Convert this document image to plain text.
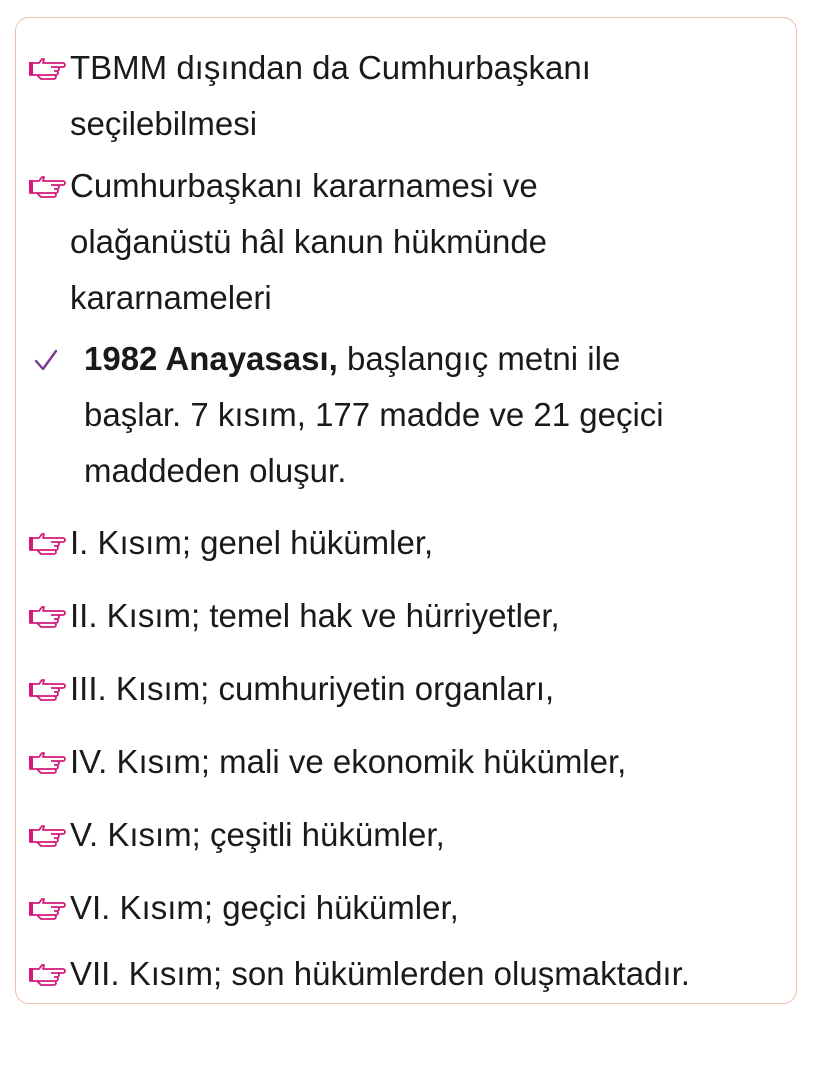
TBMM dışından da Cumhurbaşkanı
seçilebilmesi
Cumhurbaşkanı kararnamesi ve
olağanüstü hâl kanun hükmünde
kararnameleri
1982 Anayasası, başlangıç metni ile
başlar. 7 kısım, 177 madde ve 21 geçici
maddeden oluşur.
I. Kısım; genel hükümler,
II. Kısım; temel hak ve hürriyetler,
III. Kısım; cumhuriyetin organları,
IV. Kısım; mali ve ekonomik hükümler,
V. Kısım; çeşitli hükümler,
VI. Kısım; geçici hükümler,
VII. Kısım; son hükümlerden oluşmaktadır.
